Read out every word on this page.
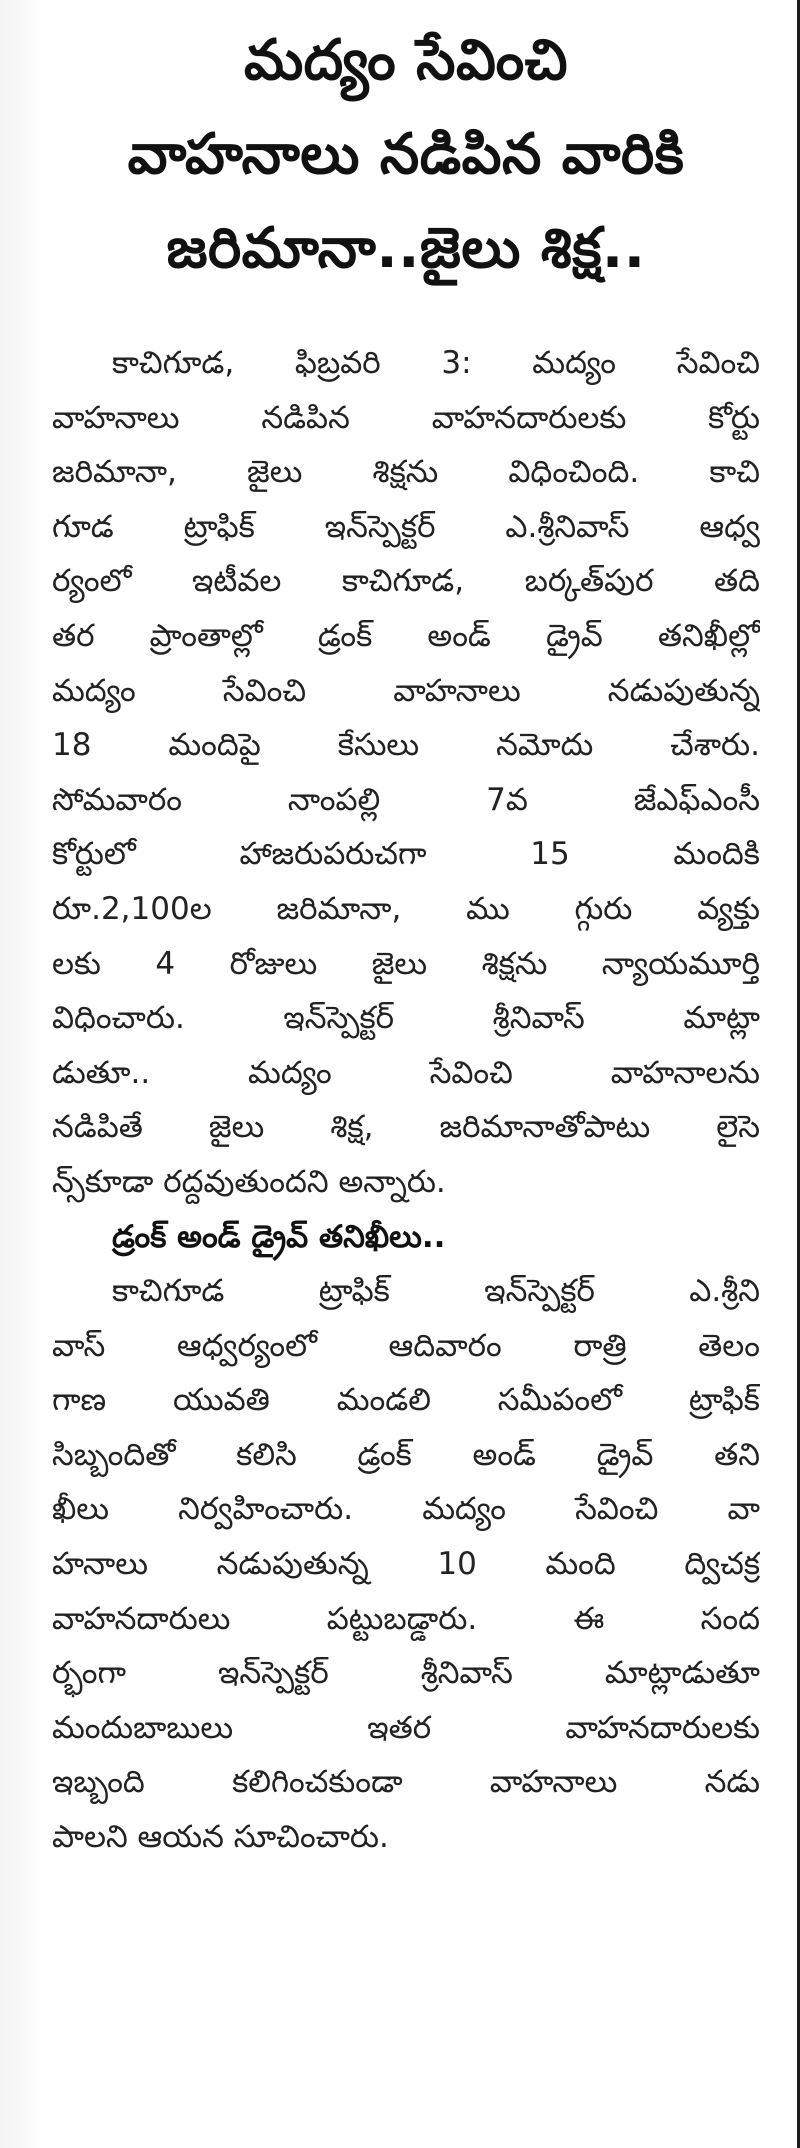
మద్యం సేవించి
వాహనాలు నడిపిన వారికి
జరిమానా..జైలు శిక్ష..
కాచిగూడ, ఫిబ్రవరి 3: మద్యం సేవించి
వాహనాలు నడిపిన వాహనదారులకు కోర్టు
జరిమానా, జైలు శిక్షను విధించింది. కాచి
గూడ ట్రాఫిక్ ఇన్‌స్పెక్టర్ ఎ.శ్రీనివాస్ ఆధ్వ
ర్యంలో ఇటీవల కాచిగూడ, బర్కత్‌పుర తది
తర ప్రాంతాల్లో డ్రంక్ అండ్ డ్రైవ్ తనిఖీల్లో
మద్యం సేవించి వాహనాలు నడుపుతున్న
18 మందిపై కేసులు నమోదు చేశారు.
సోమవారం నాంపల్లి 7వ జేఎఫ్ఎంసీ
కోర్టులో హాజరుపరుచగా 15 మందికి
రూ.2,100ల జరిమానా, ము గ్గురు వ్యక్తు
లకు 4 రోజులు జైలు శిక్షను న్యాయమూర్తి
విధించారు. ఇన్‌స్పెక్టర్ శ్రీనివాస్ మాట్లా
డుతూ.. మద్యం సేవించి వాహనాలను
నడిపితే జైలు శిక్ష, జరిమానాతోపాటు లైసె
న్స్‌కూడా రద్దవుతుందని అన్నారు.
డ్రంక్ అండ్ డ్రైవ్ తనిఖీలు..
కాచిగూడ ట్రాఫిక్ ఇన్‌స్పెక్టర్ ఎ.శ్రీని
వాస్ ఆధ్వర్యంలో ఆదివారం రాత్రి తెలం
గాణ యువతి మండలి సమీపంలో ట్రాఫిక్
సిబ్బందితో కలిసి డ్రంక్ అండ్ డ్రైవ్ తని
ఖీలు నిర్వహించారు. మద్యం సేవించి వా
హనాలు నడుపుతున్న 10 మంది ద్విచక్ర
వాహనదారులు పట్టుబడ్డారు. ఈ సంద
ర్భంగా ఇన్‌స్పెక్టర్ శ్రీనివాస్ మాట్లాడుతూ
మందుబాబులు ఇతర వాహనదారులకు
ఇబ్బంది కలిగించకుండా వాహనాలు నడు
పాలని ఆయన సూచించారు.
